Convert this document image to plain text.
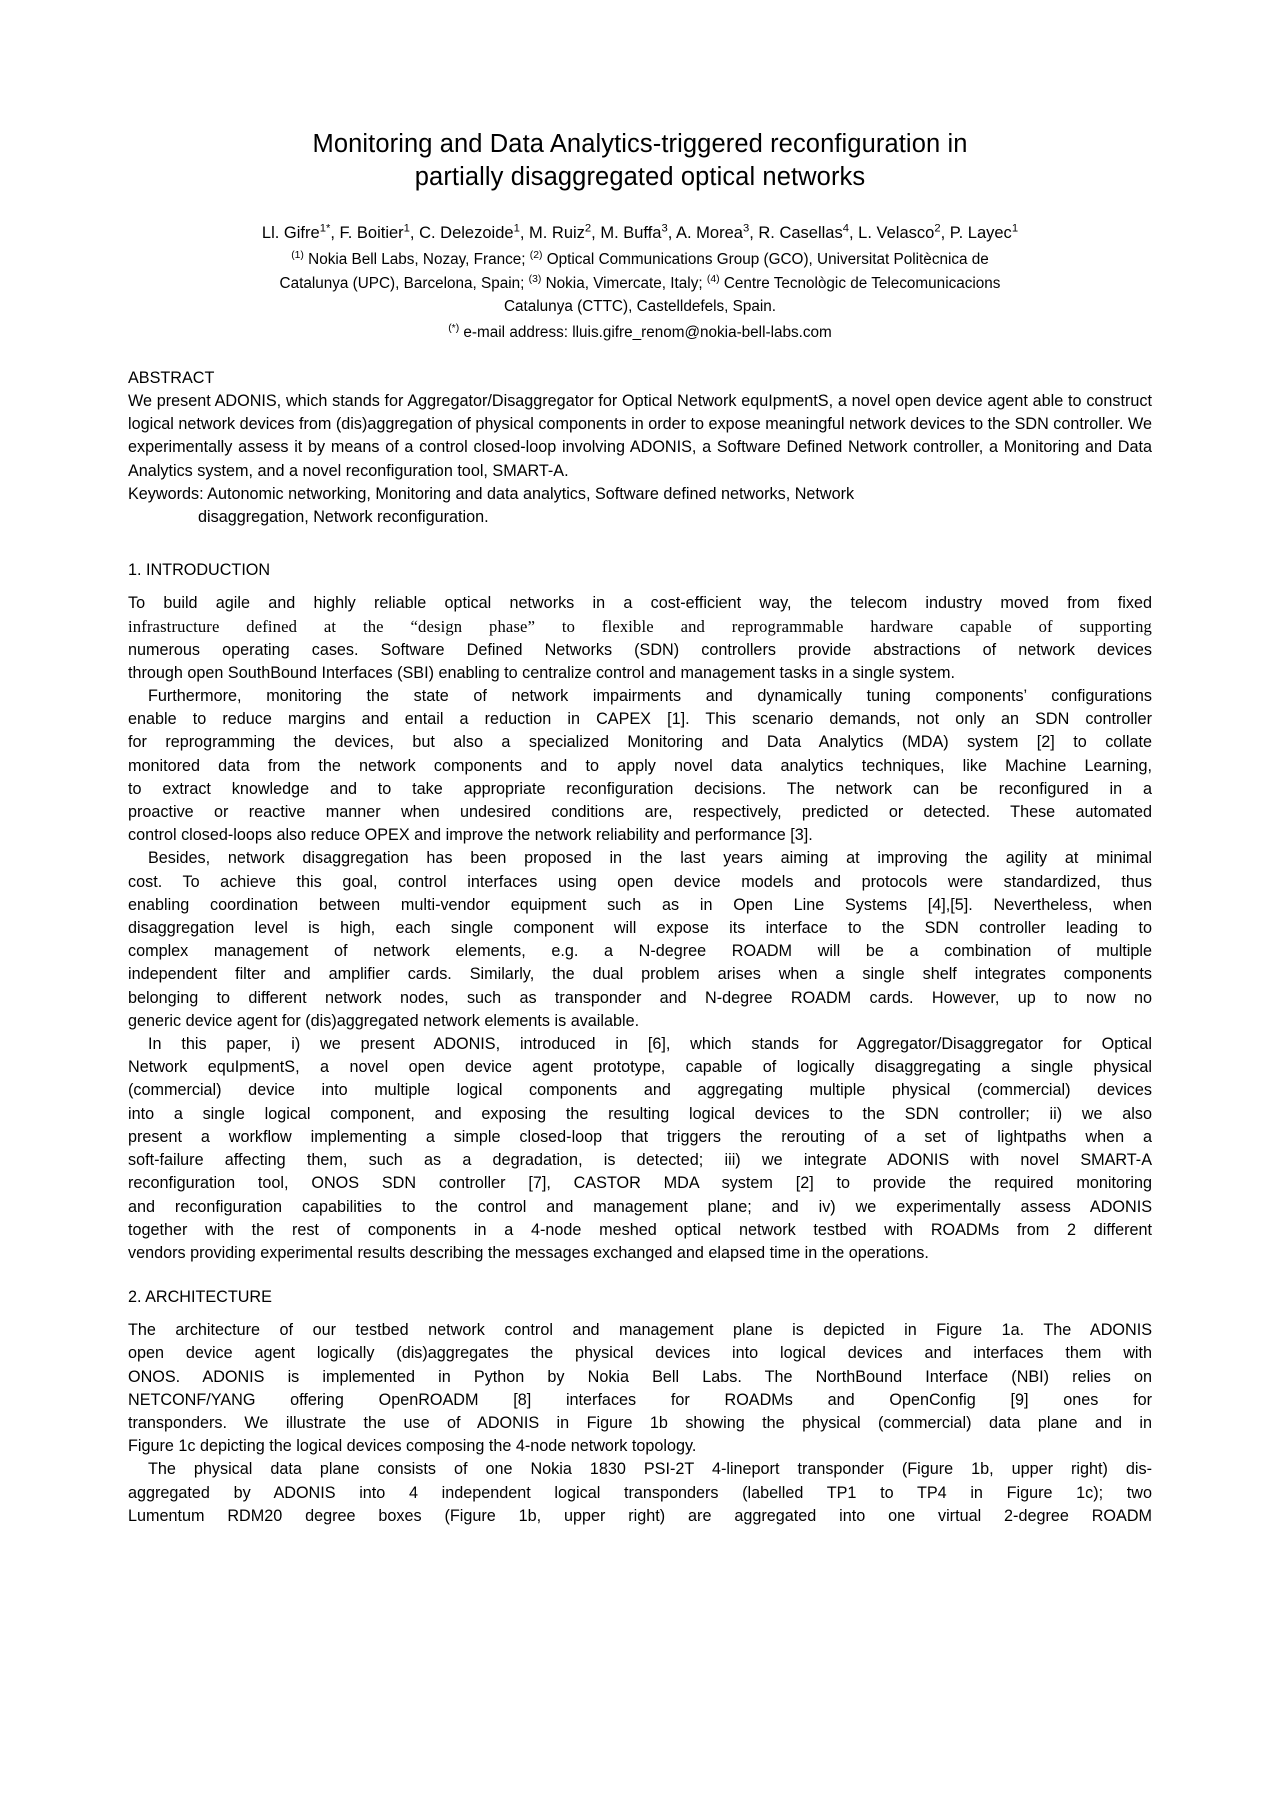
Monitoring and Data Analytics-triggered reconfiguration in
partially disaggregated optical networks
Ll. Gifre$^{1*}$, F. Boitier$^1$, C. Delezoide$^1$, M. Ruiz$^2$, M. Buffa$^3$, A. Morea$^3$, R. Casellas$^4$, L. Velasco$^2$, P. Layec$^1$
$^{(1)}$ Nokia Bell Labs, Nozay, France; $^{(2)}$ Optical Communications Group (GCO), Universitat Politècnica de
Catalunya (UPC), Barcelona, Spain; $^{(3)}$ Nokia, Vimercate, Italy; $^{(4)}$ Centre Tecnològic de Telecomunicacions
Catalunya (CTTC), Castelldefels, Spain.
(*) e-mail address: lluis.gifre_renom@nokia-bell-labs.com
ABSTRACT

We present ADONIS, which stands for Aggregator/Disaggregator for Optical Network equIpmentS, a novel open device agent able to construct logical network devices from (dis)aggregation of physical components in order to expose meaningful network devices to the SDN controller. We experimentally assess it by means of a control closed-loop involving ADONIS, a Software Defined Network controller, a Monitoring and Data Analytics system, and a novel reconfiguration tool, SMART-A.

Keywords: Autonomic networking, Monitoring and data analytics, Software defined networks, Network
disaggregation, Network reconfiguration.
1. INTRODUCTION

To build agile and highly reliable optical networks in a cost-efficient way, the telecom industry moved from fixed
infrastructure defined at the “design phase” to flexible and reprogrammable hardware capable of supporting
numerous operating cases. Software Defined Networks (SDN) controllers provide abstractions of network devices
through open SouthBound Interfaces (SBI) enabling to centralize control and management tasks in a single system.

Furthermore, monitoring the state of network impairments and dynamically tuning components’ configurations
enable to reduce margins and entail a reduction in CAPEX [1]. This scenario demands, not only an SDN controller
for reprogramming the devices, but also a specialized Monitoring and Data Analytics (MDA) system [2] to collate
monitored data from the network components and to apply novel data analytics techniques, like Machine Learning,
to extract knowledge and to take appropriate reconfiguration decisions. The network can be reconfigured in a
proactive or reactive manner when undesired conditions are, respectively, predicted or detected. These automated
control closed-loops also reduce OPEX and improve the network reliability and performance [3].

Besides, network disaggregation has been proposed in the last years aiming at improving the agility at minimal
cost. To achieve this goal, control interfaces using open device models and protocols were standardized, thus
enabling coordination between multi-vendor equipment such as in Open Line Systems [4],[5]. Nevertheless, when
disaggregation level is high, each single component will expose its interface to the SDN controller leading to
complex management of network elements, e.g. a N-degree ROADM will be a combination of multiple
independent filter and amplifier cards. Similarly, the dual problem arises when a single shelf integrates components
belonging to different network nodes, such as transponder and N-degree ROADM cards. However, up to now no
generic device agent for (dis)aggregated network elements is available.

In this paper, i) we present ADONIS, introduced in [6], which stands for Aggregator/Disaggregator for Optical
Network equIpmentS, a novel open device agent prototype, capable of logically disaggregating a single physical
(commercial) device into multiple logical components and aggregating multiple physical (commercial) devices
into a single logical component, and exposing the resulting logical devices to the SDN controller; ii) we also
present a workflow implementing a simple closed-loop that triggers the rerouting of a set of lightpaths when a
soft-failure affecting them, such as a degradation, is detected; iii) we integrate ADONIS with novel SMART-A
reconfiguration tool, ONOS SDN controller [7], CASTOR MDA system [2] to provide the required monitoring
and reconfiguration capabilities to the control and management plane; and iv) we experimentally assess ADONIS
together with the rest of components in a 4-node meshed optical network testbed with ROADMs from 2 different
vendors providing experimental results describing the messages exchanged and elapsed time in the operations.

2. ARCHITECTURE

The architecture of our testbed network control and management plane is depicted in Figure 1a. The ADONIS
open device agent logically (dis)aggregates the physical devices into logical devices and interfaces them with
ONOS. ADONIS is implemented in Python by Nokia Bell Labs. The NorthBound Interface (NBI) relies on
NETCONF/YANG offering OpenROADM [8] interfaces for ROADMs and OpenConfig [9] ones for
transponders. We illustrate the use of ADONIS in Figure 1b showing the physical (commercial) data plane and in
Figure 1c depicting the logical devices composing the 4-node network topology.

The physical data plane consists of one Nokia 1830 PSI-2T 4-lineport transponder (Figure 1b, upper right) dis-
aggregated by ADONIS into 4 independent logical transponders (labelled TP1 to TP4 in Figure 1c); two
Lumentum RDM20 degree boxes (Figure 1b, upper right) are aggregated into one virtual 2-degree ROADM
